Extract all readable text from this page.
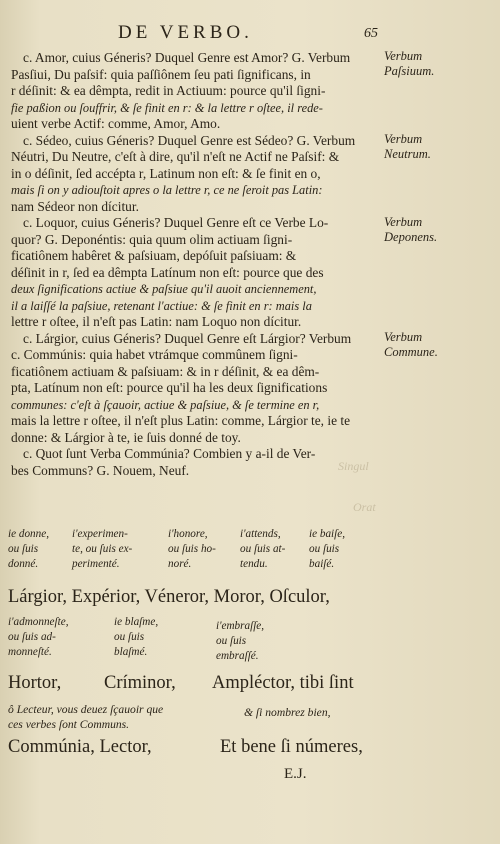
DE VERBO.	65
c. Amor, cuius Géneris? Duquel Genre est Amor? G. Verbum
Pasſiui, Du paſsif: quia paſſiônem ſeu pati ſignificans, in
r déſinit: & ea dêmpta, redit in Actiuum: pource qu'il ſigni-
fie paßion ou ſouffrir, & ſe finit en r: & la lettre r oſtee, il rede-
uient verbe Actif: comme, Amor, Amo.
c. Sédeo, cuius Géneris? Duquel Genre est Sédeo? G. Verbum
Néutri, Du Neutre, c'eſt à dire, qu'il n'eſt ne Actif ne Paſsif: &
in o déſinit, ſed accépta r, Latinum non eſt: & ſe finit en o,
mais ſi on y adiouſtoit apres o la lettre r, ce ne ſeroit pas Latin:
nam Sédeor non dícitur.
c. Loquor, cuius Géneris? Duquel Genre eſt ce Verbe Lo-
quor? G. Deponéntis: quia quum olim actiuam ſigni-
ficatiônem habêret & paſsiuam, depóſuit paſsiuam: &
déſinit in r, ſed ea dêmpta Latínum non eſt: pource que des
deux ſignifications actiue & paſsiue qu'il auoit anciennement,
il a laiſſé la paſsiue, retenant l'actiue: & ſe finit en r: mais la
lettre r oſtee, il n'eſt pas Latin: nam Loquo non dícitur.
c. Lárgior, cuius Géneris? Duquel Genre eſt Lárgior? Verbum
c. Commúnis: quia habet vtrámque commûnem ſigni-
ficatiônem actiuam & paſsiuam: & in r déſinit, & ea dêm-
pta, Latínum non eſt: pource qu'il ha les deux ſignifications
communes: c'eſt à ſçauoir, actiue & paſsiue, & ſe termine en r,
mais la lettre r oſtee, il n'eſt plus Latin: comme, Lárgior te, ie te
donne: & Lárgior à te, ie ſuis donné de toy.
c. Quot ſunt Verba Commúnia? Combien y a-il de Ver-
bes Communs? G. Nouem, Neuf.
Verbum
Paſsiuum.
Verbum
Neutrum.
Verbum
Deponens.
Verbum
Commune.
Singul
Orat
ie donne,
ou ſuis
donné.
i'experimen-
te, ou ſuis ex-
perimenté.
i'honore,
ou ſuis ho-
noré.
i'attends,
ou ſuis at-
tendu.
ie baiſe,
ou ſuis
baiſé.
Lárgior, Expérior, Véneror, Moror, Oſculor,
i'admonneſte,
ou ſuis ad-
monneſté.
ie blaſme,
ou ſuis
blaſmé.
i'embraſſe,
ou ſuis
embraſſé.
Hortor, Críminor, Ampléctor, tibi ſint
ô Lecteur, vous deuez ſçauoir que
ces verbes ſont Communs.
& ſi nombrez bien,
Commúnia, Lector,	Et bene ſi númeres,
E.J.
